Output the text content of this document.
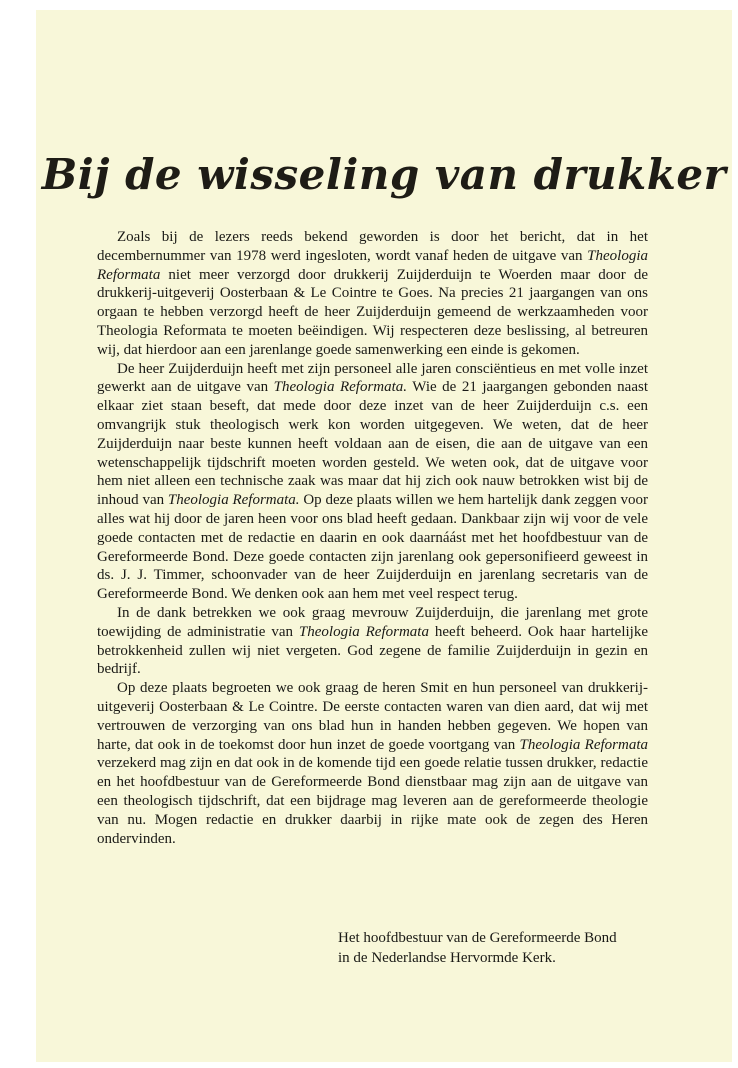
Bij de wisseling van drukker

Zoals bij de lezers reeds bekend geworden is door het bericht, dat in het decembernummer van 1978 werd ingesloten, wordt vanaf heden de uitgave van Theologia Reformata niet meer verzorgd door drukkerij Zuijderduijn te Woerden maar door de drukkerij-uitgeverij Oosterbaan & Le Cointre te Goes. Na precies 21 jaargangen van ons orgaan te hebben verzorgd heeft de heer Zuijderduijn gemeend de werkzaamheden voor Theologia Reformata te moeten beëindigen. Wij respecteren deze beslissing, al betreuren wij, dat hierdoor aan een jarenlange goede samenwerking een einde is gekomen.

De heer Zuijderduijn heeft met zijn personeel alle jaren consciëntieus en met volle inzet gewerkt aan de uitgave van Theologia Reformata. Wie de 21 jaargangen gebonden naast elkaar ziet staan beseft, dat mede door deze inzet van de heer Zuijderduijn c.s. een omvangrijk stuk theologisch werk kon worden uitgegeven. We weten, dat de heer Zuijderduijn naar beste kunnen heeft voldaan aan de eisen, die aan de uitgave van een wetenschappelijk tijdschrift moeten worden gesteld. We weten ook, dat de uitgave voor hem niet alleen een technische zaak was maar dat hij zich ook nauw betrokken wist bij de inhoud van Theologia Reformata. Op deze plaats willen we hem hartelijk dank zeggen voor alles wat hij door de jaren heen voor ons blad heeft gedaan. Dankbaar zijn wij voor de vele goede contacten met de redactie en daarin en ook daarnáást met het hoofdbestuur van de Gereformeerde Bond. Deze goede contacten zijn jarenlang ook gepersonifieerd geweest in ds. J. J. Timmer, schoonvader van de heer Zuijderduijn en jarenlang secretaris van de Gereformeerde Bond. We denken ook aan hem met veel respect terug.

In de dank betrekken we ook graag mevrouw Zuijderduijn, die jarenlang met grote toewijding de administratie van Theologia Reformata heeft beheerd. Ook haar hartelijke betrokkenheid zullen wij niet vergeten. God zegene de familie Zuijderduijn in gezin en bedrijf.

Op deze plaats begroeten we ook graag de heren Smit en hun personeel van drukkerij-uitgeverij Oosterbaan & Le Cointre. De eerste contacten waren van dien aard, dat wij met vertrouwen de verzorging van ons blad hun in handen hebben gegeven. We hopen van harte, dat ook in de toekomst door hun inzet de goede voortgang van Theologia Reformata verzekerd mag zijn en dat ook in de komende tijd een goede relatie tussen drukker, redactie en het hoofdbestuur van de Gereformeerde Bond dienstbaar mag zijn aan de uitgave van een theologisch tijdschrift, dat een bijdrage mag leveren aan de gereformeerde theologie van nu. Mogen redactie en drukker daarbij in rijke mate ook de zegen des Heren ondervinden.

Het hoofdbestuur van de Gereformeerde Bond
in de Nederlandse Hervormde Kerk.
